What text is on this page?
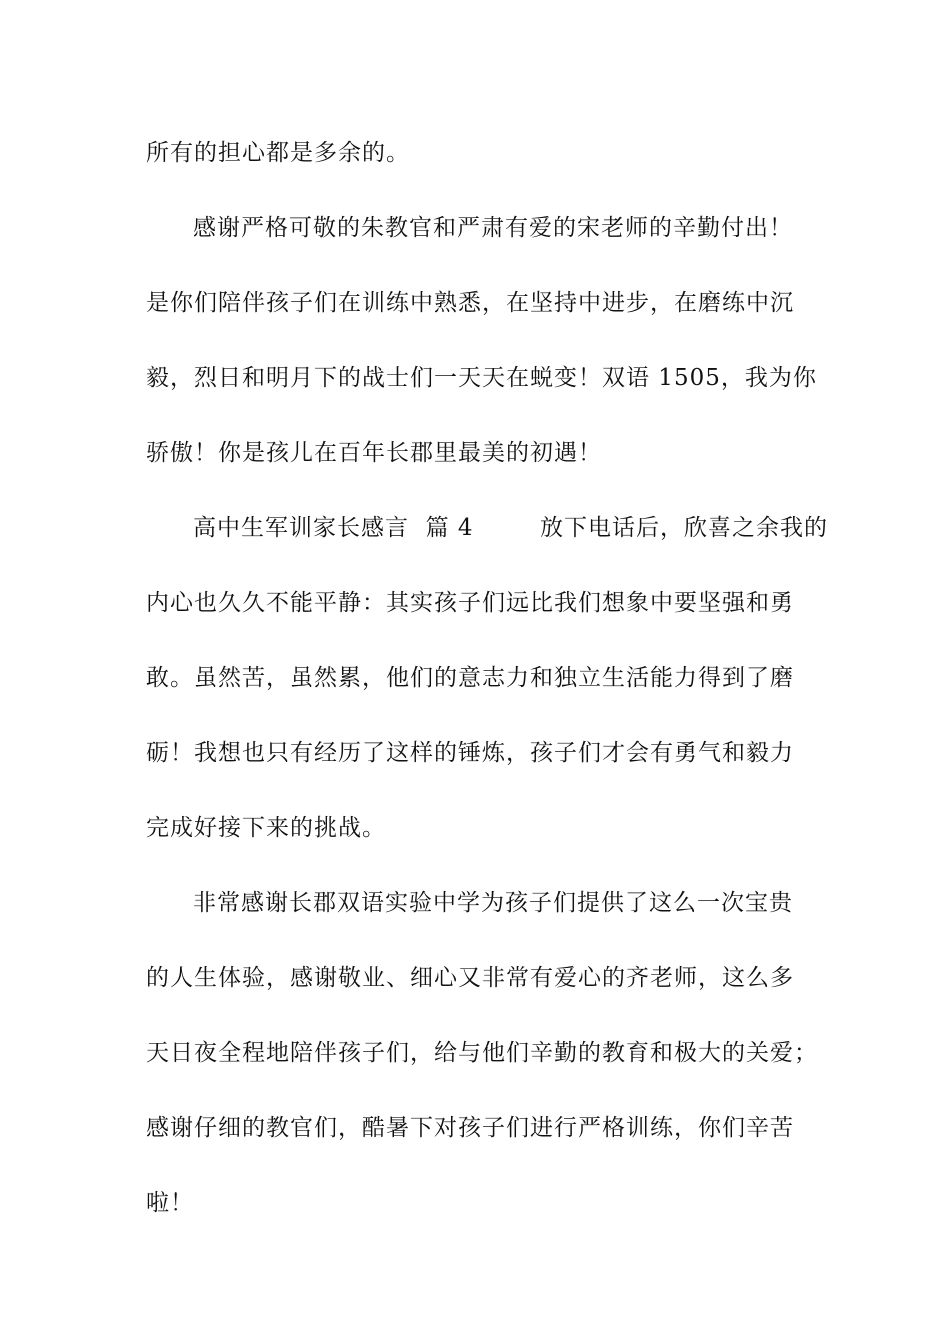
所有的担心都是多余的。
感谢严格可敬的朱教官和严肃有爱的宋老师的辛勤付出！
是你们陪伴孩子们在训练中熟悉，在坚持中进步，在磨练中沉
毅，烈日和明月下的战士们一天天在蜕变！双语 1505，我为你
骄傲！你是孩儿在百年长郡里最美的初遇！
高中生军训家长感言  篇 4        放下电话后，欣喜之余我的
内心也久久不能平静：其实孩子们远比我们想象中要坚强和勇
敢。虽然苦，虽然累，他们的意志力和独立生活能力得到了磨
砺！我想也只有经历了这样的锤炼，孩子们才会有勇气和毅力
完成好接下来的挑战。
非常感谢长郡双语实验中学为孩子们提供了这么一次宝贵
的人生体验，感谢敬业、细心又非常有爱心的齐老师，这么多
天日夜全程地陪伴孩子们，给与他们辛勤的教育和极大的关爱；
感谢仔细的教官们，酷暑下对孩子们进行严格训练，你们辛苦
啦！
